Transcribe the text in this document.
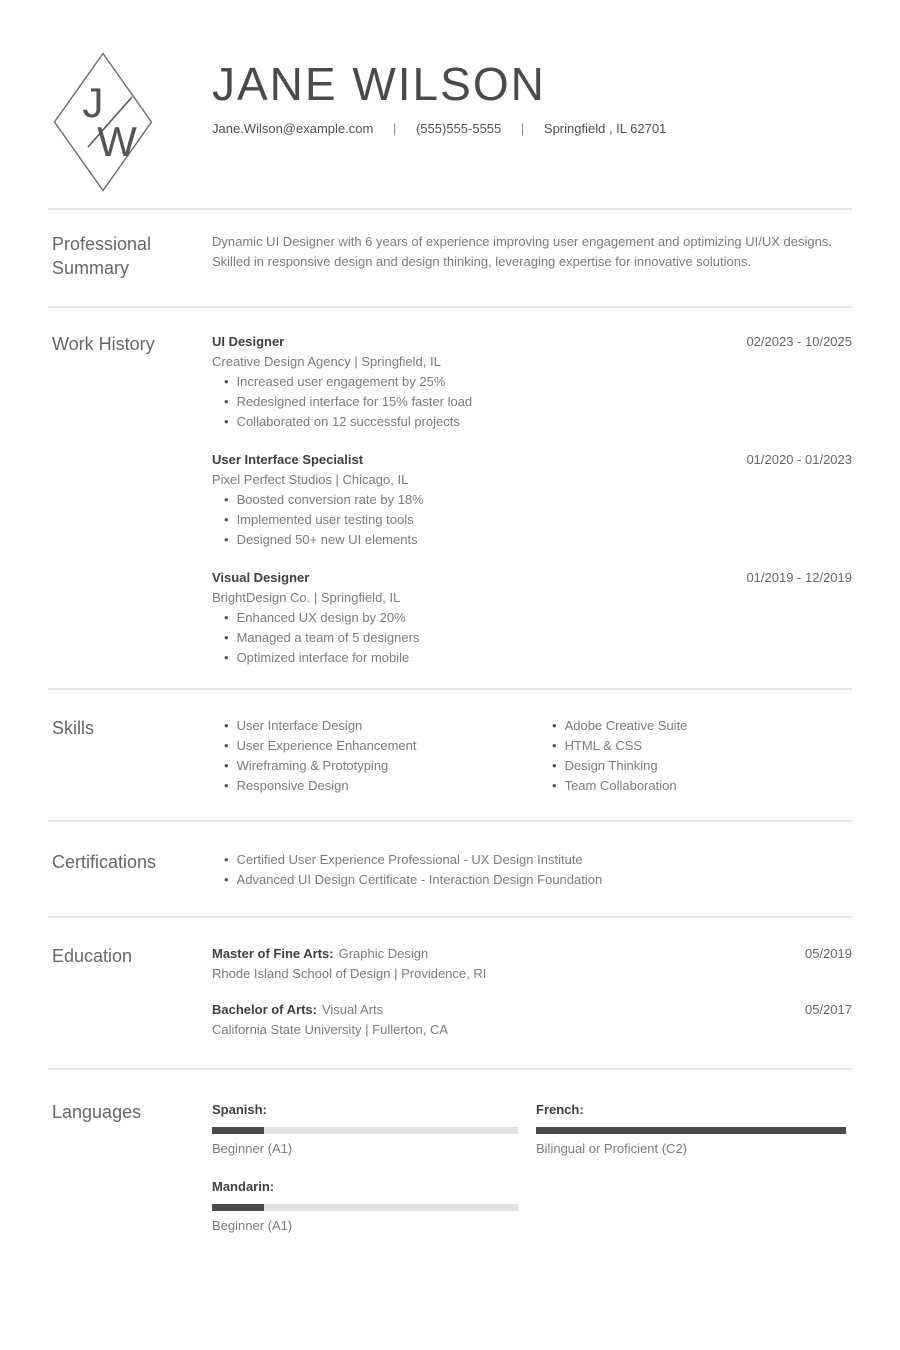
J
W
JANE WILSON
Jane.Wilson@example.com | (555)555-5555 | Springfield , IL 62701
Professional Summary

Dynamic UI Designer with 6 years of experience improving user engagement and optimizing UI/UX designs. Skilled in responsive design and design thinking, leveraging expertise for innovative solutions.

Work History	UI Designer	02/2023 - 10/2025
Creative Design Agency | Springfield, IL
•
Increased user engagement by 25%
•
Redesigned interface for 15% faster load
•
Collaborated on 12 successful projects
User Interface Specialist	01/2020 - 01/2023
Pixel Perfect Studios | Chicago, IL
•
Boosted conversion rate by 18%
•
Implemented user testing tools
•
Designed 50+ new UI elements
Visual Designer	01/2019 - 12/2019
BrightDesign Co. | Springfield, IL
•
Enhanced UX design by 20%
•
Managed a team of 5 designers
•
Optimized interface for mobile
Skills •	User Interface Design
•
User Experience Enhancement
•
Wireframing & Prototyping
•
Responsive Design
•
Adobe Creative Suite
•
HTML & CSS
•
Design Thinking
•
Team Collaboration
Certifications •	Certified User Experience Professional - UX Design Institute
•
Advanced UI Design Certificate - Interaction Design Foundation
Education	Master of Fine Arts: Graphic Design	05/2019
Rhode Island School of Design | Providence, RI
Bachelor of Arts: Visual Arts	05/2017
California State University | Fullerton, CA
Languages	Spanish:
Beginner (A1)
French:
Bilingual or Proficient (C2)
Mandarin:
Beginner (A1)
